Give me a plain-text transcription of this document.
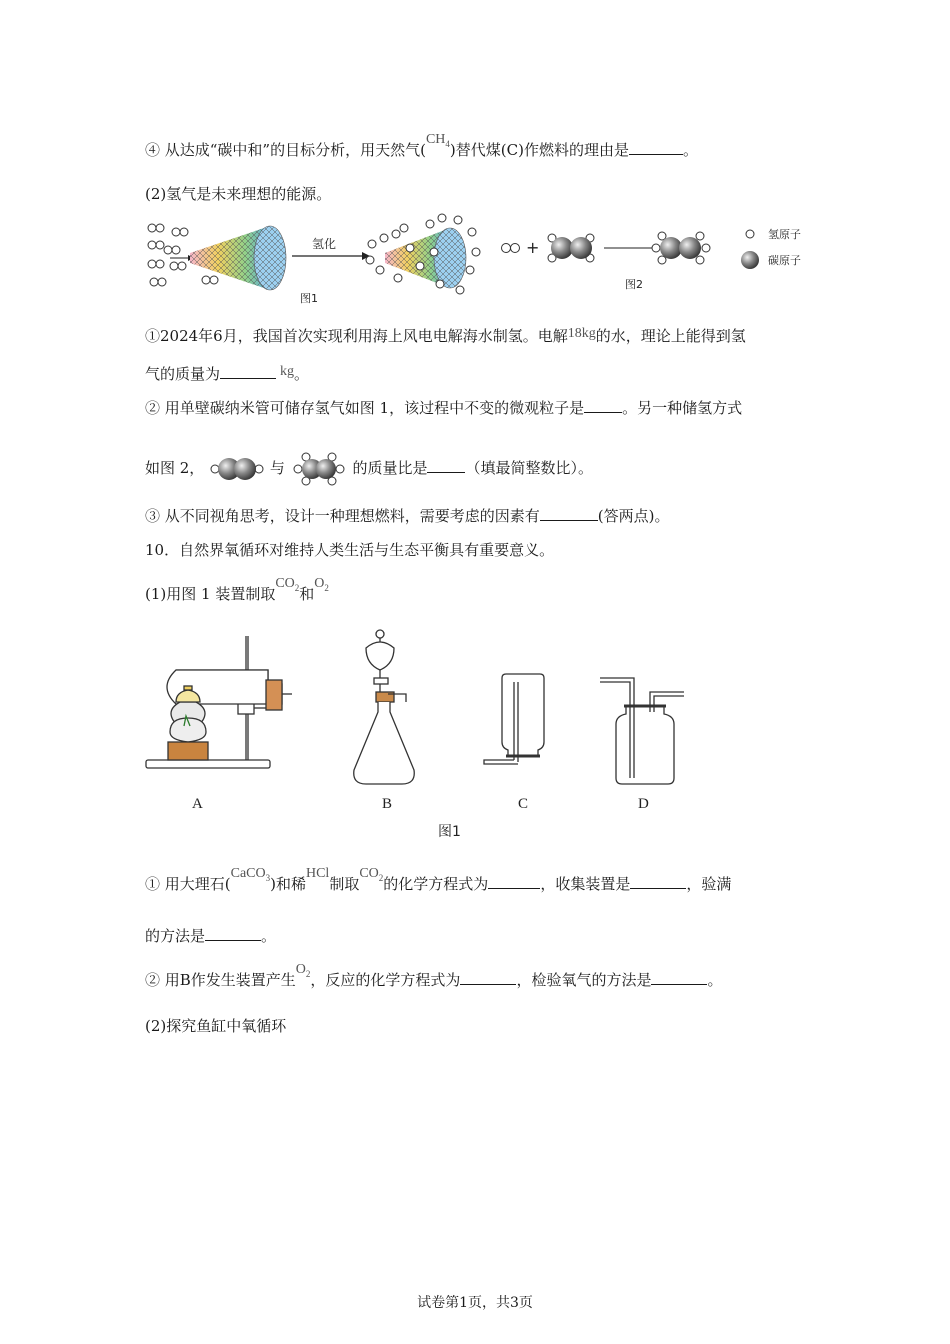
④ 从达成“碳中和”的目标分析，用天然气$(CH_4)$替代煤(C)作燃料的理由是	。
(2)氢气是未来理想的能源。
氢化
图1
+
图2
氢原子
碳原子
①2024年6月，我国首次实现利用海上风电电解海水制氢。电解18kg的水，理论上能得到氢
气的质量为	kg。
② 用单壁碳纳米管可储存氢气如图 1，该过程中不变的微观粒子是	。另一种储氢方式
如图 2，	与	的质量比是	（填最简整数比）。
③ 从不同视角思考，设计一种理想燃料，需要考虑的因素有	(答两点)。
10．自然界氧循环对维持人类生活与生态平衡具有重要意义。
(1)用图 1 装置制取$CO_2$和$O_2$
A	B	C	D
图1
① 用大理石(CaCO$_3$)和稀HCl制取$CO_2$的化学方程式为	，收集装置是	，验满
的方法是	。
② 用B作发生装置产生$O_2$，反应的化学方程式为	，检验氧气的方法是	。
(2)探究鱼缸中氧循环
试卷第1页，共3页
